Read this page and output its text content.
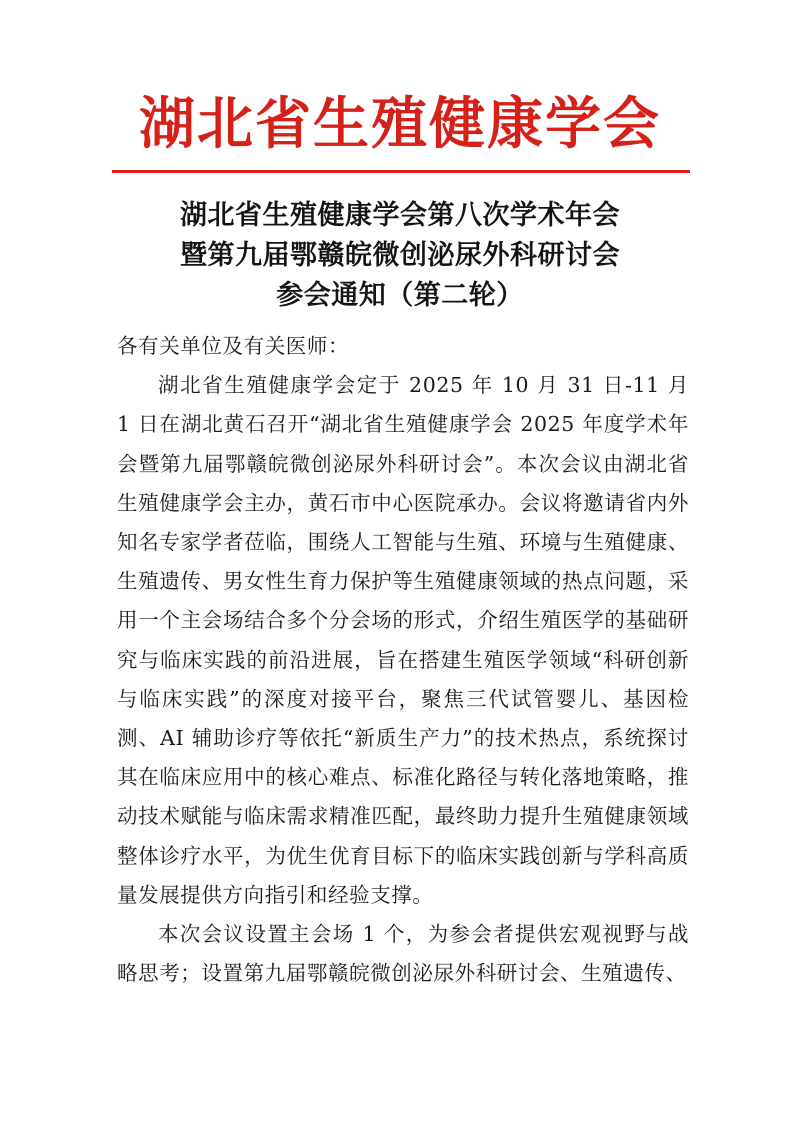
湖北省生殖健康学会
湖北省生殖健康学会第八次学术年会
暨第九届鄂赣皖微创泌尿外科研讨会
参会通知（第二轮）

各有关单位及有关医师：

湖北省生殖健康学会定于 2025 年 10 月 31 日-11 月 1 日在湖北黄石召开“湖北省生殖健康学会 2025 年度学术年会暨第九届鄂赣皖微创泌尿外科研讨会”。本次会议由湖北省生殖健康学会主办，黄石市中心医院承办。会议将邀请省内外知名专家学者莅临，围绕人工智能与生殖、环境与生殖健康、生殖遗传、男女性生育力保护等生殖健康领域的热点问题，采用一个主会场结合多个分会场的形式，介绍生殖医学的基础研究与临床实践的前沿进展，旨在搭建生殖医学领域“科研创新与临床实践”的深度对接平台，聚焦三代试管婴儿、基因检测、AI 辅助诊疗等依托“新质生产力”的技术热点，系统探讨其在临床应用中的核心难点、标准化路径与转化落地策略，推动技术赋能与临床需求精准匹配，最终助力提升生殖健康领域整体诊疗水平，为优生优育目标下的临床实践创新与学科高质量发展提供方向指引和经验支撑。

本次会议设置主会场 1 个，为参会者提供宏观视野与战略思考；设置第九届鄂赣皖微创泌尿外科研讨会、生殖遗传、
